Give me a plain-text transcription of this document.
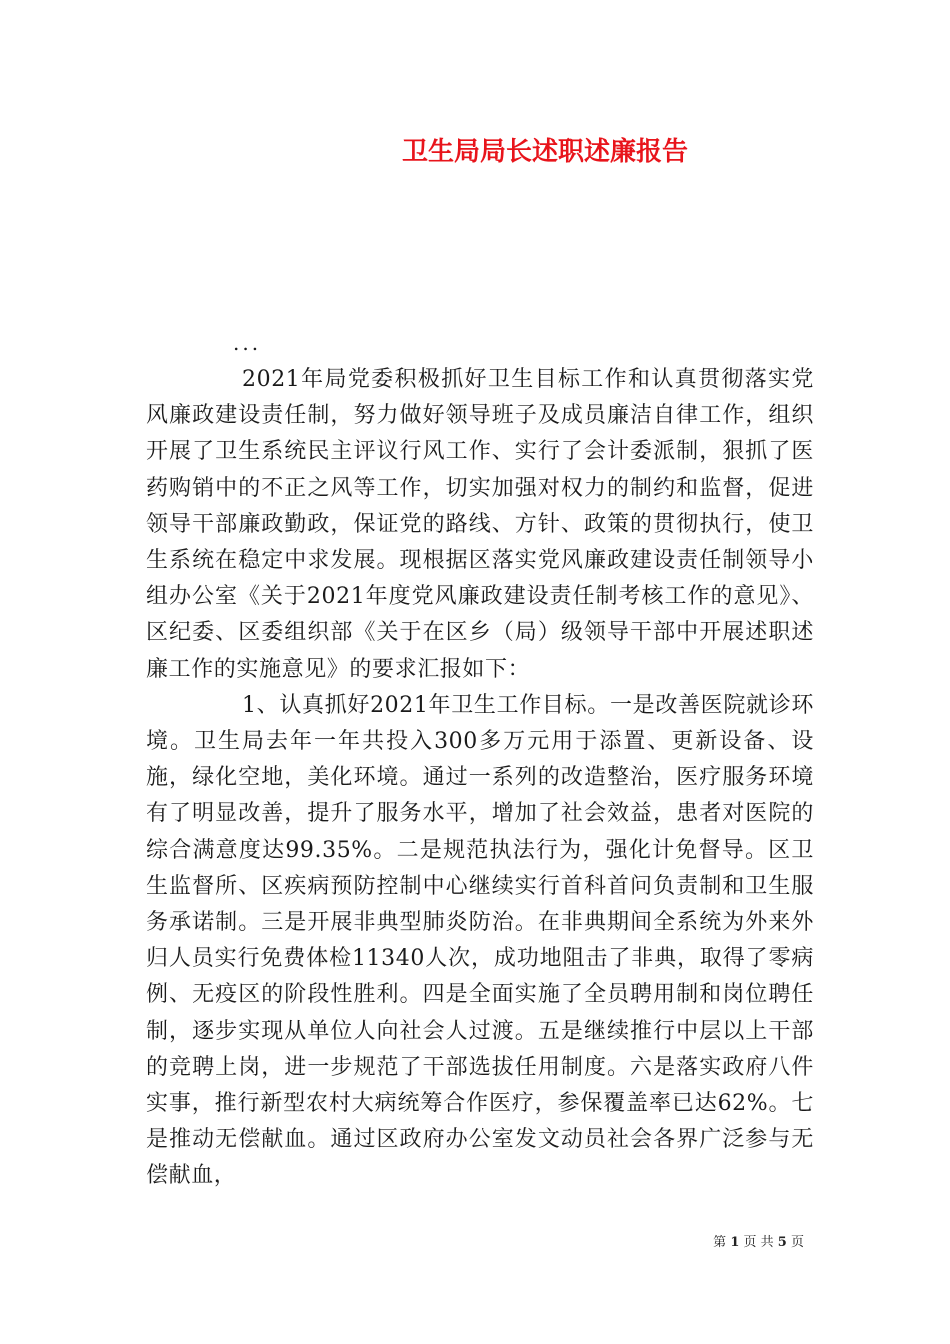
卫生局局长述职述廉报告
...

2021年局党委积极抓好卫生目标工作和认真贯彻落实党风廉政建设责任制，努力做好领导班子及成员廉洁自律工作，组织开展了卫生系统民主评议行风工作、实行了会计委派制，狠抓了医药购销中的不正之风等工作，切实加强对权力的制约和监督，促进领导干部廉政勤政，保证党的路线、方针、政策的贯彻执行，使卫生系统在稳定中求发展。现根据区落实党风廉政建设责任制领导小组办公室《关于2021年度党风廉政建设责任制考核工作的意见》、区纪委、区委组织部《关于在区乡（局）级领导干部中开展述职述廉工作的实施意见》的要求汇报如下：

1、认真抓好2021年卫生工作目标。一是改善医院就诊环境。卫生局去年一年共投入300多万元用于添置、更新设备、设施，绿化空地，美化环境。通过一系列的改造整治，医疗服务环境有了明显改善，提升了服务水平，增加了社会效益，患者对医院的综合满意度达99.35%。二是规范执法行为，强化计免督导。区卫生监督所、区疾病预防控制中心继续实行首科首问负责制和卫生服务承诺制。三是开展非典型肺炎防治。在非典期间全系统为外来外归人员实行免费体检11340人次，成功地阻击了非典，取得了零病例、无疫区的阶段性胜利。四是全面实施了全员聘用制和岗位聘任制，逐步实现从单位人向社会人过渡。五是继续推行中层以上干部的竞聘上岗，进一步规范了干部选拔任用制度。六是落实政府八件实事，推行新型农村大病统筹合作医疗，参保覆盖率已达62%。七是推动无偿献血。通过区政府办公室发文动员社会各界广泛参与无偿献血，

第 1 页 共 5 页
